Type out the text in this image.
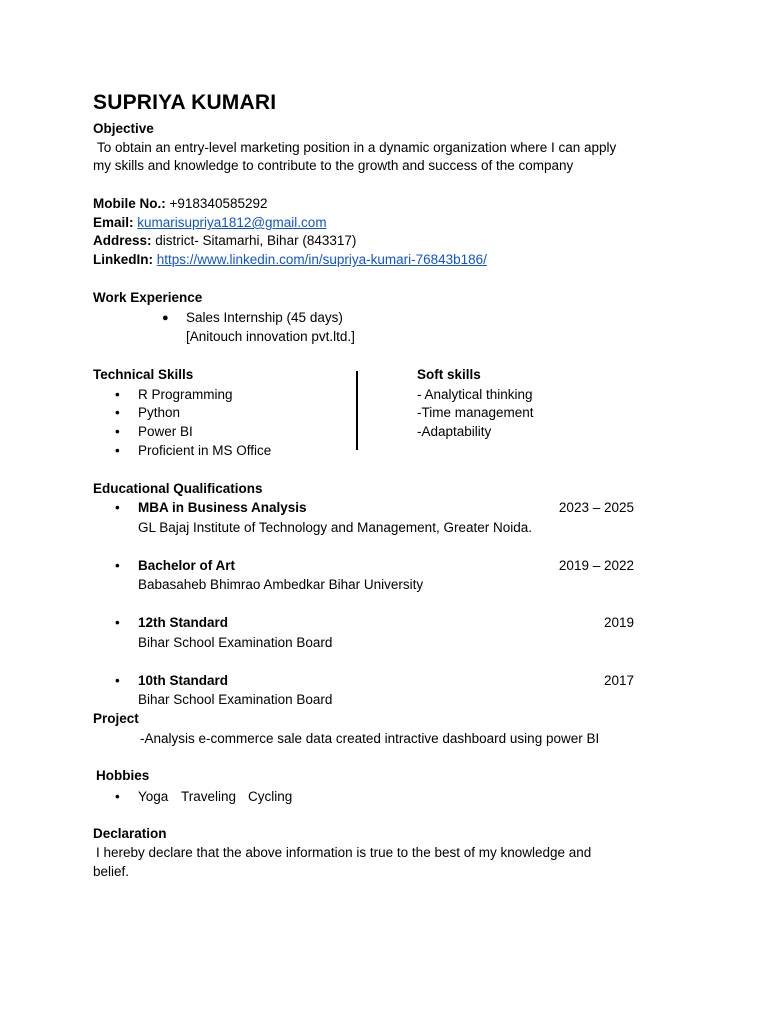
SUPRIYA KUMARI
Objective
To obtain an entry-level marketing position in a dynamic organization where I can apply
my skills and knowledge to contribute to the growth and success of the company
Mobile No.: +918340585292
Email: kumarisupriya1812@gmail.com
Address: district- Sitamarhi, Bihar (843317)
LinkedIn: https://www.linkedin.com/in/supriya-kumari-76843b186/
Work Experience
● Sales Internship (45 days)
[Anitouch innovation pvt.ltd.]
Technical Skills
• R Programming
• Python
• Power BI
• Proficient in MS Office
Soft skills
- Analytical thinking
-Time management
-Adaptability
Educational Qualifications
• MBA in Business Analysis	2023 – 2025
GL Bajaj Institute of Technology and Management, Greater Noida.
• Bachelor of Art	2019 – 2022
Babasaheb Bhimrao Ambedkar Bihar University
• 12th Standard	2019
Bihar School Examination Board
• 10th Standard	2017
Bihar School Examination Board
Project
-Analysis e-commerce sale data created intractive dashboard using power BI
Hobbies
• Yoga Traveling Cycling
Declaration
I hereby declare that the above information is true to the best of my knowledge and
belief.
